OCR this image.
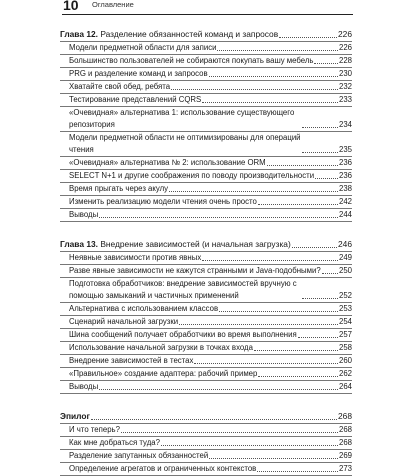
10 Оглавление
Глава 12. Разделение обязанностей команд и запросов	226
Модели предметной области для записи	226
Большинство пользователей не собираются покупать вашу мебель	228
PRG и разделение команд и запросов	230
Хватайте свой обед, ребята	232
Тестирование представлений CQRS	233
«Очевидная» альтернатива 1: использование существующего репозитория	234
Модели предметной области не оптимизированы для операций чтения	235
«Очевидная» альтернатива № 2: использование ORM	236
SELECT N+1 и другие соображения по поводу производительности	236
Время прыгать через акулу	238
Изменить реализацию модели чтения очень просто	242
Выводы	244
Глава 13. Внедрение зависимостей (и начальная загрузка)	246
Неявные зависимости против явных	249
Разве явные зависимости не кажутся странными и Java-подобными? 250
Подготовка обработчиков: внедрение зависимостей вручную с помощью замыканий и частичных применений	252
Альтернатива с использованием классов	253
Сценарий начальной загрузки	254
Шина сообщений получает обработчики во время выполнения	257
Использование начальной загрузки в точках входа	258
Внедрение зависимостей в тестах	260
«Правильное» создание адаптера: рабочий пример	262
Выводы	264
Эпилог	268
И что теперь?	268
Как мне добраться туда?	268
Разделение запутанных обязанностей	269
Определение агрегатов и ограниченных контекстов	273
